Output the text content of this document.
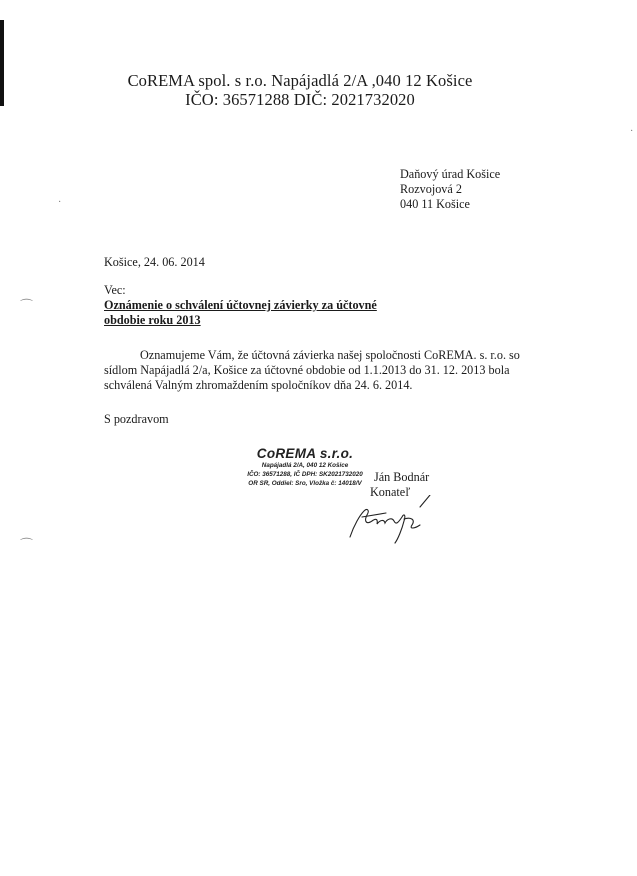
·
·
⌒
⌒
CoREMA spol. s r.o. Napájadlá 2/A ,040 12 Košice
IČO: 36571288 DIČ: 2021732020
Daňový úrad Košice
Rozvojová 2
040 11 Košice
Košice, 24. 06. 2014
Vec:
Oznámenie o schválení účtovnej závierky za účtovné
obdobie roku 2013
Oznamujeme Vám, že účtovná závierka našej spoločnosti CoREMA. s. r.o. so
sídlom Napájadlá 2/a, Košice za účtovné obdobie od 1.1.2013 do 31. 12. 2013 bola
schválená Valným zhromaždením spoločníkov dňa 24. 6. 2014.
S pozdravom
CoREMA s.r.o.
Napájadlá 2/A, 040 12 Košice
IČO: 36571288, IČ DPH: SK2021732020
OR SR, Oddiel: Sro, Vložka č: 14018/V	Ján Bodnár
Konateľ
